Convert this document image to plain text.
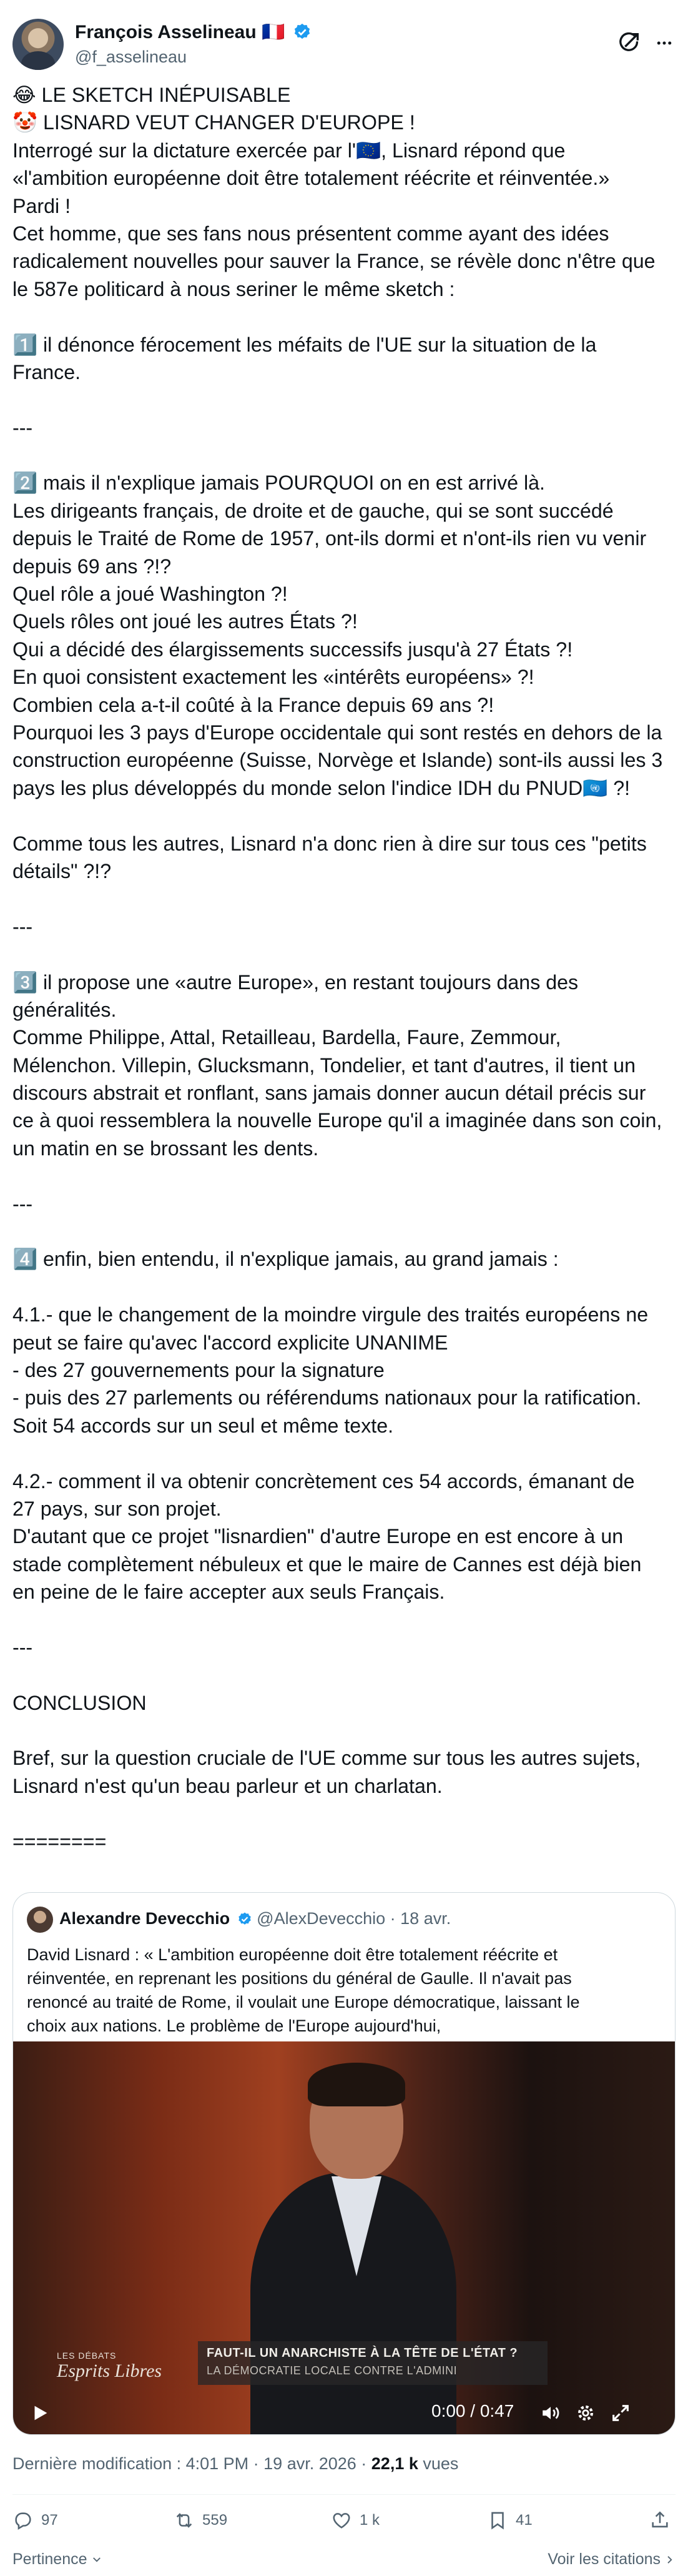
François Asselineau 🇫🇷
@f_asselineau
😂 LE SKETCH INÉPUISABLE
🤡 LISNARD VEUT CHANGER D'EUROPE !
Interrogé sur la dictature exercée par l'🇪🇺, Lisnard répond que
«l'ambition européenne doit être totalement réécrite et réinventée.»
Pardi !
Cet homme, que ses fans nous présentent comme ayant des idées
radicalement nouvelles pour sauver la France, se révèle donc n'être que
le 587e politicard à nous seriner le même sketch :
1️⃣ il dénonce férocement les méfaits de l'UE sur la situation de la
France.
---
2️⃣ mais il n'explique jamais POURQUOI on en est arrivé là.
Les dirigeants français, de droite et de gauche, qui se sont succédé
depuis le Traité de Rome de 1957, ont-ils dormi et n'ont-ils rien vu venir
depuis 69 ans ?!?
Quel rôle a joué Washington ?!
Quels rôles ont joué les autres États ?!
Qui a décidé des élargissements successifs jusqu'à 27 États ?!
En quoi consistent exactement les «intérêts européens» ?!
Combien cela a-t-il coûté à la France depuis 69 ans ?!
Pourquoi les 3 pays d'Europe occidentale qui sont restés en dehors de la
construction européenne (Suisse, Norvège et Islande) sont-ils aussi les 3
pays les plus développés du monde selon l'indice IDH du PNUD🇺🇳 ?!
Comme tous les autres, Lisnard n'a donc rien à dire sur tous ces "petits
détails" ?!?
---
3️⃣ il propose une «autre Europe», en restant toujours dans des
généralités.
Comme Philippe, Attal, Retailleau, Bardella, Faure, Zemmour,
Mélenchon. Villepin, Glucksmann, Tondelier, et tant d'autres, il tient un
discours abstrait et ronflant, sans jamais donner aucun détail précis sur
ce à quoi ressemblera la nouvelle Europe qu'il a imaginée dans son coin,
un matin en se brossant les dents.
---
4️⃣ enfin, bien entendu, il n'explique jamais, au grand jamais :
4.1.- que le changement de la moindre virgule des traités européens ne
peut se faire qu'avec l'accord explicite UNANIME
- des 27 gouvernements pour la signature
- puis des 27 parlements ou référendums nationaux pour la ratification.
Soit 54 accords sur un seul et même texte.
4.2.- comment il va obtenir concrètement ces 54 accords, émanant de
27 pays, sur son projet.
D'autant que ce projet "lisnardien" d'autre Europe en est encore à un
stade complètement nébuleux et que le maire de Cannes est déjà bien
en peine de le faire accepter aux seuls Français.
---
CONCLUSION
Bref, sur la question cruciale de l'UE comme sur tous les autres sujets,
Lisnard n'est qu'un beau parleur et un charlatan.
========
Alexandre Devecchio @AlexDevecchio · 18 avr.
David Lisnard : « L'ambition européenne doit être totalement réécrite et
réinventée, en reprenant les positions du général de Gaulle. Il n'avait pas
renoncé au traité de Rome, il voulait une Europe démocratique, laissant le
choix aux nations. Le problème de l'Europe aujourd'hui,
LES DÉBATS
Esprits Libres
FAUT-IL UN ANARCHISTE À LA TÊTE DE L'ÉTAT ?
LA DÉMOCRATIE LOCALE CONTRE L'ADMINI
0:00 / 0:47
Dernière modification : 4:01 PM · 19 avr. 2026 · 22,1 k vues
97	559	1 k	41
Pertinence	Voir les citations
